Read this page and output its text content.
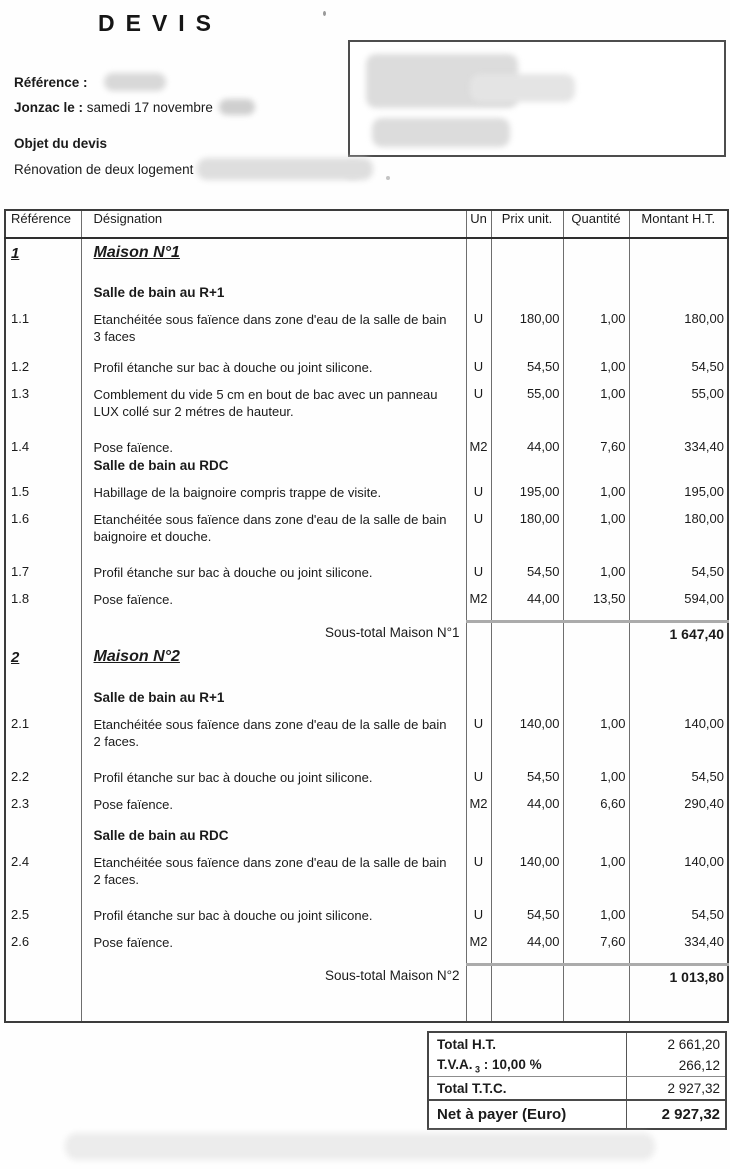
DEVIS
Référence :
Jonzac le : samedi 17 novembre
Objet du devis
Rénovation de deux logement
Référence	Désignation	Un	Prix unit.	Quantité	Montant H.T.
1	Maison N°1				

	Salle de bain au R+1				

1.1	Etanchéitée sous faïence dans zone d'eau de la salle de bain 3 faces	U	180,00	1,00	180,00

1.2	Profil étanche sur bac à douche ou joint silicone.	U	54,50	1,00	54,50

1.3	Comblement du vide 5 cm en bout de bac avec un panneau LUX collé sur 2 métres de hauteur.	U	55,00	1,00	55,00

1.4	Pose faïence.	M2	44,00	7,60	334,40
	Salle de bain au RDC				

1.5	Habillage de la baignoire compris trappe de visite.	U	195,00	1,00	195,00

1.6	Etanchéitée sous faïence dans zone d'eau de la salle de bain baignoire et douche.	U	180,00	1,00	180,00

1.7	Profil étanche sur bac à douche ou joint silicone.	U	54,50	1,00	54,50

1.8	Pose faïence.	M2	44,00	13,50	594,00

	Sous-total Maison N°1				1 647,40
2	Maison N°2				

	Salle de bain au R+1				

2.1	Etanchéitée sous faïence dans zone d'eau de la salle de bain 2 faces.	U	140,00	1,00	140,00

2.2	Profil étanche sur bac à douche ou joint silicone.	U	54,50	1,00	54,50

2.3	Pose faïence.	M2	44,00	6,60	290,40

	Salle de bain au RDC				

2.4	Etanchéitée sous faïence dans zone d'eau de la salle de bain 2 faces.	U	140,00	1,00	140,00

2.5	Profil étanche sur bac à douche ou joint silicone.	U	54,50	1,00	54,50

2.6	Pose faïence.	M2	44,00	7,60	334,40

	Sous-total Maison N°2				1 013,80

Total H.T.	2 661,20
T.V.A. $_3$ : 10,00 %	266,12
Total T.T.C.	2 927,32
Net à payer (Euro)	2 927,32
